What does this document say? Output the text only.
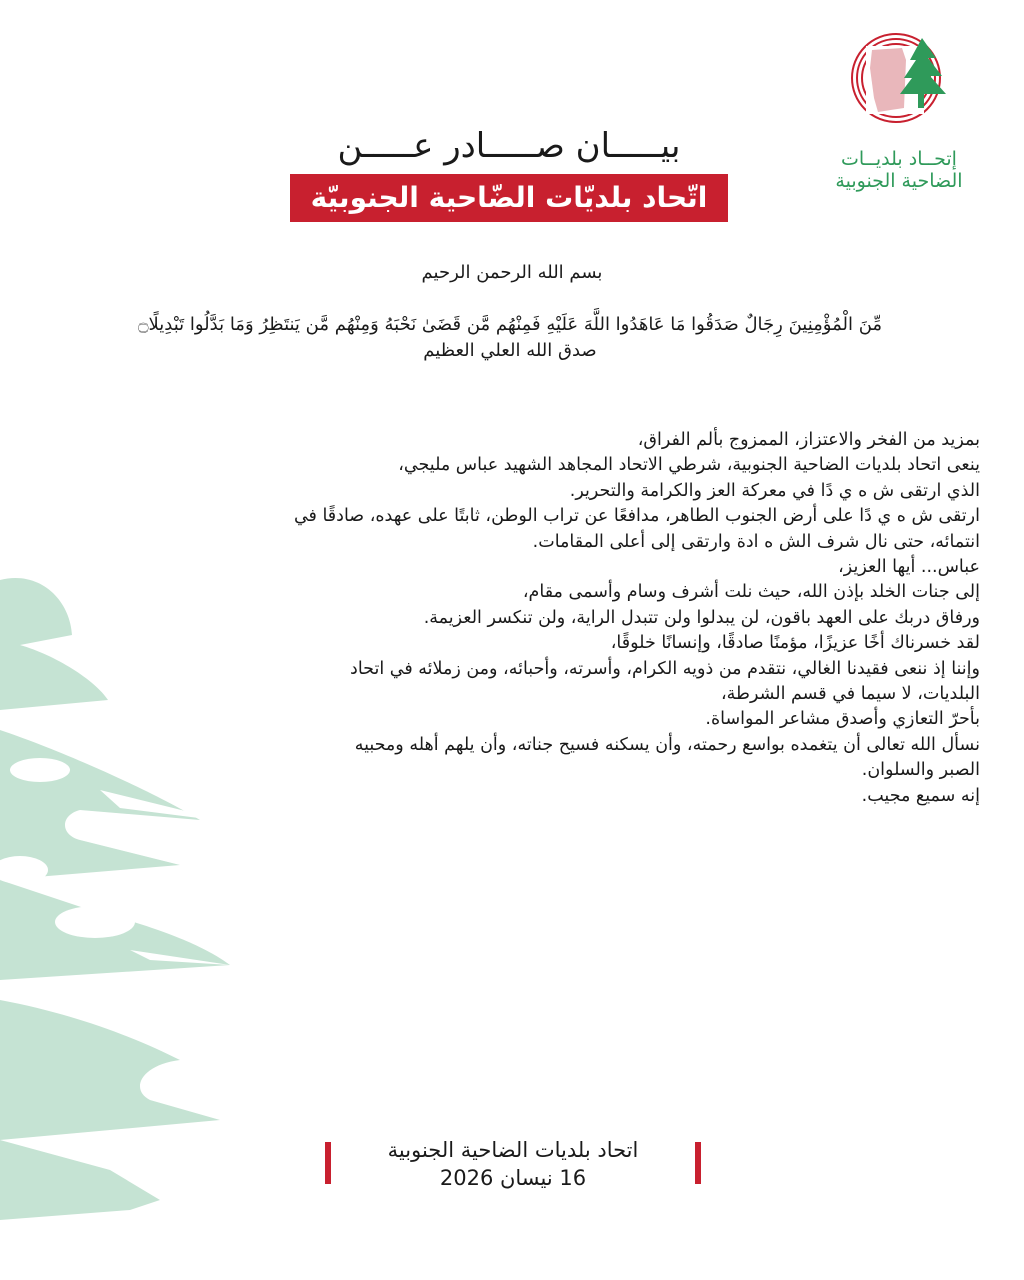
إتحــاد بلديــات
الضاحية الجنوبية
بيـــــان صـــــادر عـــــن
اتّحاد بلديّات الضّاحية الجنوبيّة
بسم الله الرحمن الرحيم
مِّنَ الْمُؤْمِنِينَ رِجَالٌ صَدَقُوا مَا عَاهَدُوا اللَّهَ عَلَيْهِ فَمِنْهُم مَّن قَضَىٰ نَحْبَهُ وَمِنْهُم مَّن يَنتَظِرُ وَمَا بَدَّلُوا تَبْدِيلًا۝
صدق الله العلي العظيم
بمزيد من الفخر والاعتزاز، الممزوج بألم الفراق،
ينعى اتحاد بلديات الضاحية الجنوبية، شرطي الاتحاد المجاهد الشهيد عباس مليجي،
الذي ارتقى ش ه ي دًا في معركة العز والكرامة والتحرير.
ارتقى ش ه ي دًا على أرض الجنوب الطاهر، مدافعًا عن تراب الوطن، ثابتًا على عهده، صادقًا في
انتمائه، حتى نال شرف الش ه ادة وارتقى إلى أعلى المقامات.
عباس... أيها العزيز،
إلى جنات الخلد بإذن الله، حيث نلت أشرف وسام وأسمى مقام،
ورفاق دربك على العهد باقون، لن يبدلوا ولن تتبدل الراية، ولن تنكسر العزيمة.
لقد خسرناك أخًا عزيزًا، مؤمنًا صادقًا، وإنسانًا خلوقًا،
وإننا إذ ننعى فقيدنا الغالي، نتقدم من ذويه الكرام، وأسرته، وأحبائه، ومن زملائه في اتحاد
البلديات، لا سيما في قسم الشرطة،
بأحرّ التعازي وأصدق مشاعر المواساة.
نسأل الله تعالى أن يتغمده بواسع رحمته، وأن يسكنه فسيح جناته، وأن يلهم أهله ومحبيه
الصبر والسلوان.
إنه سميع مجيب.
اتحاد بلديات الضاحية الجنوبية
16 نيسان 2026
